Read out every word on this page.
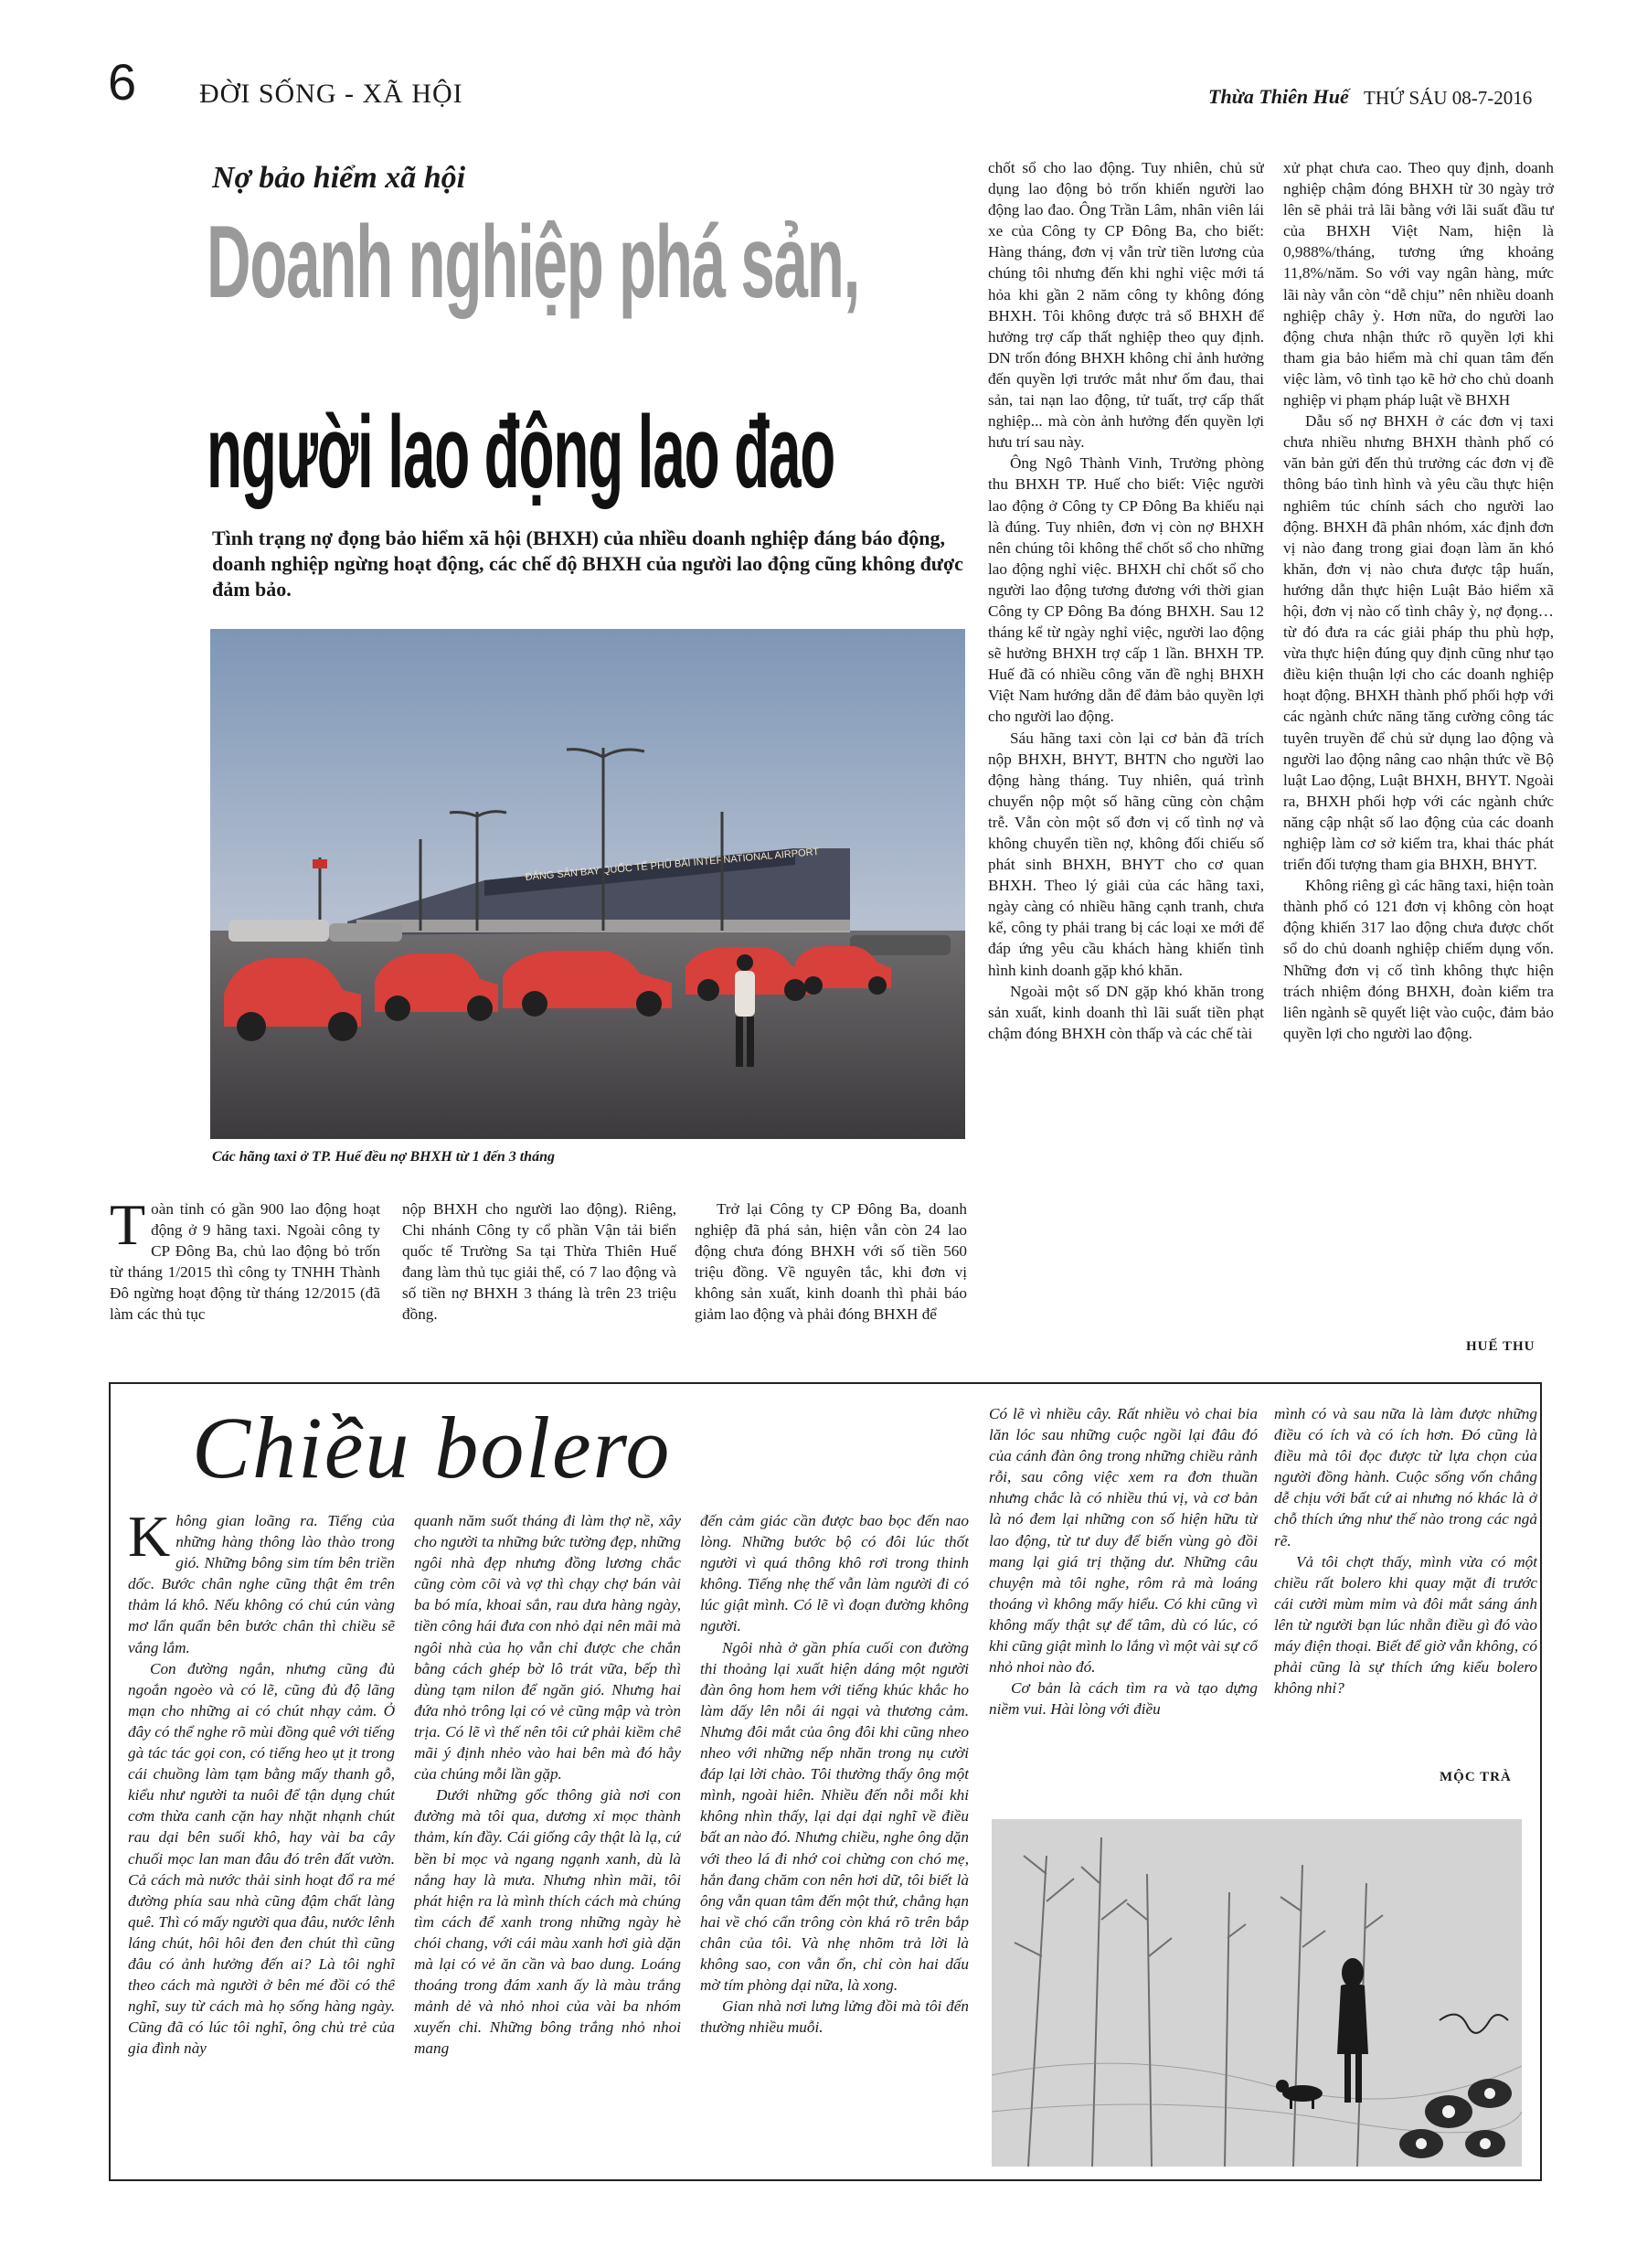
6 ĐỜI SỐNG - XÃ HỘI	Thừa Thiên Huế THỨ SÁU 08-7-2016
Nợ bảo hiểm xã hội
Doanh nghiệp phá sản,
người lao động lao đao
Tình trạng nợ đọng bảo hiểm xã hội (BHXH) của nhiều doanh nghiệp đáng báo động, doanh nghiệp ngừng hoạt động, các chế độ BHXH của người lao động cũng không được đảm bảo.
ĐÁNG SÂN BAY QUỐC TẾ PHÚ BÀI INTERNATIONAL AIRPORT
Các hãng taxi ở TP. Huế đều nợ BHXH từ 1 đến 3 tháng
T oàn tỉnh có gần 900 lao động hoạt động ở 9 hãng taxi. Ngoài công ty CP Đông Ba, chủ lao động bỏ trốn từ tháng 1/2015 thì công ty TNHH Thành Đô ngừng hoạt động từ tháng 12/2015 (đã làm các thủ tục

nộp BHXH cho người lao động). Riêng, Chi nhánh Công ty cổ phần Vận tải biển quốc tế Trường Sa tại Thừa Thiên Huế đang làm thủ tục giải thể, có 7 lao động và số tiền nợ BHXH 3 tháng là trên 23 triệu đồng.

Trở lại Công ty CP Đông Ba, doanh nghiệp đã phá sản, hiện vẫn còn 24 lao động chưa đóng BHXH với số tiền 560 triệu đồng. Về nguyên tắc, khi đơn vị không sản xuất, kinh doanh thì phải báo giảm lao động và phải đóng BHXH để

chốt sổ cho lao động. Tuy nhiên, chủ sử dụng lao động bỏ trốn khiến người lao động lao đao. Ông Trần Lâm, nhân viên lái xe của Công ty CP Đông Ba, cho biết: Hàng tháng, đơn vị vẫn trừ tiền lương của chúng tôi nhưng đến khi nghỉ việc mới tá hỏa khi gần 2 năm công ty không đóng BHXH. Tôi không được trả sổ BHXH để hưởng trợ cấp thất nghiệp theo quy định. DN trốn đóng BHXH không chỉ ảnh hưởng đến quyền lợi trước mắt như ốm đau, thai sản, tai nạn lao động, tử tuất, trợ cấp thất nghiệp... mà còn ảnh hưởng đến quyền lợi hưu trí sau này.

Ông Ngô Thành Vinh, Trưởng phòng thu BHXH TP. Huế cho biết: Việc người lao động ở Công ty CP Đông Ba khiếu nại là đúng. Tuy nhiên, đơn vị còn nợ BHXH nên chúng tôi không thể chốt sổ cho những lao động nghỉ việc. BHXH chỉ chốt sổ cho người lao động tương đương với thời gian Công ty CP Đông Ba đóng BHXH. Sau 12 tháng kể từ ngày nghỉ việc, người lao động sẽ hưởng BHXH trợ cấp 1 lần. BHXH TP. Huế đã có nhiều công văn đề nghị BHXH Việt Nam hướng dẫn để đảm bảo quyền lợi cho người lao động.

Sáu hãng taxi còn lại cơ bản đã trích nộp BHXH, BHYT, BHTN cho người lao động hàng tháng. Tuy nhiên, quá trình chuyển nộp một số hãng cũng còn chậm trễ. Vẫn còn một số đơn vị cố tình nợ và không chuyển tiền nợ, không đối chiếu số phát sinh BHXH, BHYT cho cơ quan BHXH. Theo lý giải của các hãng taxi, ngày càng có nhiều hãng cạnh tranh, chưa kể, công ty phải trang bị các loại xe mới để đáp ứng yêu cầu khách hàng khiến tình hình kinh doanh gặp khó khăn.

Ngoài một số DN gặp khó khăn trong sản xuất, kinh doanh thì lãi suất tiền phạt chậm đóng BHXH còn thấp và các chế tài

xử phạt chưa cao. Theo quy định, doanh nghiệp chậm đóng BHXH từ 30 ngày trở lên sẽ phải trả lãi bằng với lãi suất đầu tư của BHXH Việt Nam, hiện là 0,988%/tháng, tương ứng khoảng 11,8%/năm. So với vay ngân hàng, mức lãi này vẫn còn “dễ chịu” nên nhiều doanh nghiệp chây ỳ. Hơn nữa, do người lao động chưa nhận thức rõ quyền lợi khi tham gia bảo hiểm mà chỉ quan tâm đến việc làm, vô tình tạo kẽ hở cho chủ doanh nghiệp vi phạm pháp luật về BHXH

Dẫu số nợ BHXH ở các đơn vị taxi chưa nhiều nhưng BHXH thành phố có văn bản gửi đến thủ trưởng các đơn vị đề thông báo tình hình và yêu cầu thực hiện nghiêm túc chính sách cho người lao động. BHXH đã phân nhóm, xác định đơn vị nào đang trong giai đoạn làm ăn khó khăn, đơn vị nào chưa được tập huấn, hướng dẫn thực hiện Luật Bảo hiểm xã hội, đơn vị nào cố tình chây ỳ, nợ đọng…từ đó đưa ra các giải pháp thu phù hợp, vừa thực hiện đúng quy định cũng như tạo điều kiện thuận lợi cho các doanh nghiệp hoạt động. BHXH thành phố phối hợp với các ngành chức năng tăng cường công tác tuyên truyền để chủ sử dụng lao động và người lao động nâng cao nhận thức về Bộ luật Lao động, Luật BHXH, BHYT. Ngoài ra, BHXH phối hợp với các ngành chức năng cập nhật số lao động của các doanh nghiệp làm cơ sở kiểm tra, khai thác phát triển đối tượng tham gia BHXH, BHYT.

Không riêng gì các hãng taxi, hiện toàn thành phố có 121 đơn vị không còn hoạt động khiến 317 lao động chưa được chốt sổ do chủ doanh nghiệp chiếm dụng vốn. Những đơn vị cố tình không thực hiện trách nhiệm đóng BHXH, đoàn kiểm tra liên ngành sẽ quyết liệt vào cuộc, đảm bảo quyền lợi cho người lao động.

HUẾ THU
Chiều bolero
K hông gian loãng ra. Tiếng của những hàng thông lào thào trong gió. Những bông sim tím bên triền dốc. Bước chân nghe cũng thật êm trên thảm lá khô. Nếu không có chú cún vàng mơ lẩn quẩn bên bước chân thì chiều sẽ vắng lắm.

Con đường ngắn, nhưng cũng đủ ngoắn ngoèo và có lẽ, cũng đủ độ lãng mạn cho những ai có chút nhạy cảm. Ở đây có thể nghe rõ mùi đồng quê với tiếng gà tác tác gọi con, có tiếng heo ụt ịt trong cái chuồng làm tạm bằng mấy thanh gỗ, kiểu như người ta nuôi để tận dụng chút cơm thừa canh cặn hay nhặt nhạnh chút rau dại bên suối khô, hay vài ba cây chuối mọc lan man đâu đó trên đất vườn. Cả cách mà nước thải sinh hoạt đổ ra mé đường phía sau nhà cũng đậm chất làng quê. Thì có mấy người qua đâu, nước lênh láng chút, hôi hôi đen đen chút thì cũng đâu có ảnh hưởng đến ai? Là tôi nghĩ theo cách mà người ở bên mé đồi có thể nghĩ, suy từ cách mà họ sống hàng ngày. Cũng đã có lúc tôi nghĩ, ông chủ trẻ của gia đình này

quanh năm suốt tháng đi làm thợ nề, xây cho người ta những bức tường đẹp, những ngôi nhà đẹp nhưng đồng lương chắc cũng còm cõi và vợ thì chạy chợ bán vài ba bó mía, khoai sắn, rau dưa hàng ngày, tiền công hái đưa con nhỏ dại nên mãi mà ngôi nhà của họ vẫn chỉ được che chắn bằng cách ghép bờ lô trát vữa, bếp thì dùng tạm nilon để ngăn gió. Nhưng hai đứa nhỏ trông lại có vẻ cũng mập và tròn trịa. Có lẽ vì thế nên tôi cứ phải kiềm chế mãi ý định nhẻo vào hai bên mà đó hẳy của chúng mỗi lần gặp.

Dưới những gốc thông già nơi con đường mà tôi qua, dương xỉ mọc thành thảm, kín đầy. Cái giống cây thật là lạ, cứ bền bỉ mọc và ngang ngạnh xanh, dù là nắng hay là mưa. Nhưng nhìn mãi, tôi phát hiện ra là mình thích cách mà chúng tìm cách để xanh trong những ngày hè chói chang, với cái màu xanh hơi già dặn mà lại có vẻ ăn cần và bao dung. Loáng thoáng trong đám xanh ấy là màu trắng mảnh dẻ và nhỏ nhoi của vài ba nhóm xuyến chi. Những bông trắng nhỏ nhoi mang

đến cảm giác cần được bao bọc đến nao lòng. Những bước bộ có đôi lúc thốt người vì quá thông khô rơi trong thinh không. Tiếng nhẹ thế vẫn làm người đi có lúc giật mình. Có lẽ vì đoạn đường không người.

Ngôi nhà ở gần phía cuối con đường thi thoảng lại xuất hiện dáng một người đàn ông hom hem với tiếng khúc khắc ho làm dấy lên nỗi ái ngại và thương cảm. Nhưng đôi mắt của ông đôi khi cũng nheo nheo với những nếp nhăn trong nụ cười đáp lại lời chào. Tôi thường thấy ông một mình, ngoài hiên. Nhiều đến nỗi mỗi khi không nhìn thấy, lại dại dại nghĩ về điều bất an nào đó. Nhưng chiều, nghe ông dặn với theo lá đi nhớ coi chừng con chó mẹ, hắn đang chăm con nên hơi dữ, tôi biết là ông vẫn quan tâm đến một thứ, chẳng hạn hai về chó cẩn trông còn khá rõ trên bắp chân của tôi. Và nhẹ nhõm trả lời là không sao, con vẫn ổn, chỉ còn hai dấu mờ tím phòng dại nữa, là xong.

Gian nhà nơi lưng lửng đồi mà tôi đến thường nhiều muỗi.

Có lẽ vì nhiều cây. Rất nhiều vỏ chai bia lăn lóc sau những cuộc ngồi lại đâu đó của cánh đàn ông trong những chiều rảnh rỗi, sau công việc xem ra đơn thuần nhưng chắc là có nhiều thú vị, và cơ bản là nó đem lại những con số hiện hữu từ lao động, từ tư duy để biến vùng gò đồi mang lại giá trị thặng dư. Những câu chuyện mà tôi nghe, rôm rả mà loáng thoáng vì không mấy hiểu. Có khi cũng vì không mấy thật sự để tâm, dù có lúc, có khi cũng giật mình lo lắng vì một vài sự cố nhỏ nhoi nào đó.

Cơ bản là cách tìm ra và tạo dựng niềm vui. Hài lòng với điều

mình có và sau nữa là làm được những điều có ích và có ích hơn. Đó cũng là điều mà tôi đọc được từ lựa chọn của người đồng hành. Cuộc sống vốn chẳng dễ chịu với bất cứ ai nhưng nó khác là ở chỗ thích ứng như thế nào trong các ngả rẽ.

Vả tôi chợt thấy, mình vừa có một chiều rất bolero khi quay mặt đi trước cái cười mùm mỉm và đôi mắt sáng ánh lên từ người bạn lúc nhẵn điều gì đó vào máy điện thoại. Biết để giờ vẫn không, có phải cũng là sự thích ứng kiểu bolero không nhỉ?

MỘC TRÀ
